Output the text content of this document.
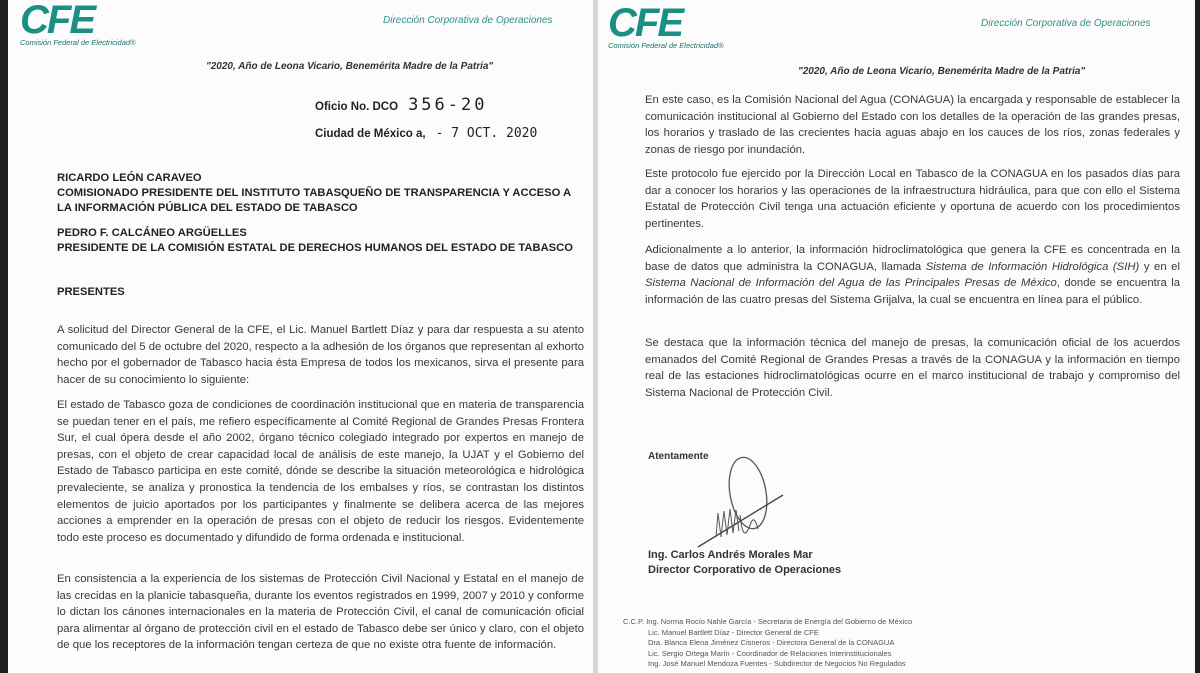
CFE
Comisión Federal de Electricidad®
Dirección Corporativa de Operaciones
"2020, Año de Leona Vicario, Benemérita Madre de la Patria"
Oficio No. DCO 356-20
Ciudad de México a, - 7 OCT. 2020
RICARDO LEÓN CARAVEO
COMISIONADO PRESIDENTE DEL INSTITUTO TABASQUEÑO DE TRANSPARENCIA Y ACCESO A LA INFORMACIÓN PÚBLICA DEL ESTADO DE TABASCO
PEDRO F. CALCÁNEO ARGÜELLES
PRESIDENTE DE LA COMISIÓN ESTATAL DE DERECHOS HUMANOS DEL ESTADO DE TABASCO
PRESENTES
A solicitud del Director General de la CFE, el Lic. Manuel Bartlett Díaz y para dar respuesta a su atento comunicado del 5 de octubre del 2020, respecto a la adhesión de los órganos que representan al exhorto hecho por el gobernador de Tabasco hacia ésta Empresa de todos los mexicanos, sirva el presente para hacer de su conocimiento lo siguiente:
El estado de Tabasco goza de condiciones de coordinación institucional que en materia de transparencia se puedan tener en el país, me refiero específicamente al Comité Regional de Grandes Presas Frontera Sur, el cual ópera desde el año 2002, órgano técnico colegiado integrado por expertos en manejo de presas, con el objeto de crear capacidad local de análisis de este manejo, la UJAT y el Gobierno del Estado de Tabasco participa en este comité, dónde se describe la situación meteorológica e hidrológica prevaleciente, se analiza y pronostica la tendencia de los embalses y ríos, se contrastan los distintos elementos de juicio aportados por los participantes y finalmente se delibera acerca de las mejores acciones a emprender en la operación de presas con el objeto de reducir los riesgos. Evidentemente todo este proceso es documentado y difundido de forma ordenada e institucional.
En consistencia a la experiencia de los sistemas de Protección Civil Nacional y Estatal en el manejo de las crecidas en la planicie tabasqueña, durante los eventos registrados en 1999, 2007 y 2010 y conforme lo dictan los cánones internacionales en la materia de Protección Civil, el canal de comunicación oficial para alimentar al órgano de protección civil en el estado de Tabasco debe ser único y claro, con el objeto de que los receptores de la información tengan certeza de que no existe otra fuente de información.
CFE
Comisión Federal de Electricidad®
Dirección Corporativa de Operaciones
"2020, Año de Leona Vicario, Benemérita Madre de la Patria"
En este caso, es la Comisión Nacional del Agua (CONAGUA) la encargada y responsable de establecer la comunicación institucional al Gobierno del Estado con los detalles de la operación de las grandes presas, los horarios y traslado de las crecientes hacia aguas abajo en los cauces de los ríos, zonas federales y zonas de riesgo por inundación.
Este protocolo fue ejercido por la Dirección Local en Tabasco de la CONAGUA en los pasados días para dar a conocer los horarios y las operaciones de la infraestructura hidráulica, para que con ello el Sistema Estatal de Protección Civil tenga una actuación eficiente y oportuna de acuerdo con los procedimientos pertinentes.
Adicionalmente a lo anterior, la información hidroclimatológica que genera la CFE es concentrada en la base de datos que administra la CONAGUA, llamada Sistema de Información Hidrológica (SIH) y en el Sistema Nacional de Información del Agua de las Principales Presas de México, donde se encuentra la información de las cuatro presas del Sistema Grijalva, la cual se encuentra en línea para el público.
Se destaca que la información técnica del manejo de presas, la comunicación oficial de los acuerdos emanados del Comité Regional de Grandes Presas a través de la CONAGUA y la información en tiempo real de las estaciones hidroclimatológicas ocurre en el marco institucional de trabajo y compromiso del Sistema Nacional de Protección Civil.
Atentamente
Ing. Carlos Andrés Morales Mar
Director Corporativo de Operaciones
C.C.P. Ing. Norma Rocío Nahle García - Secretaria de Energía del Gobierno de México
Lic. Manuel Bartlett Díaz - Director General de CFE
Dra. Blanca Elena Jiménez Cisneros - Directora General de la CONAGUA
Lic. Sergio Ortega Marín - Coordinador de Relaciones Interinstitucionales
Ing. José Manuel Mendoza Fuentes - Subdirector de Negocios No Regulados
